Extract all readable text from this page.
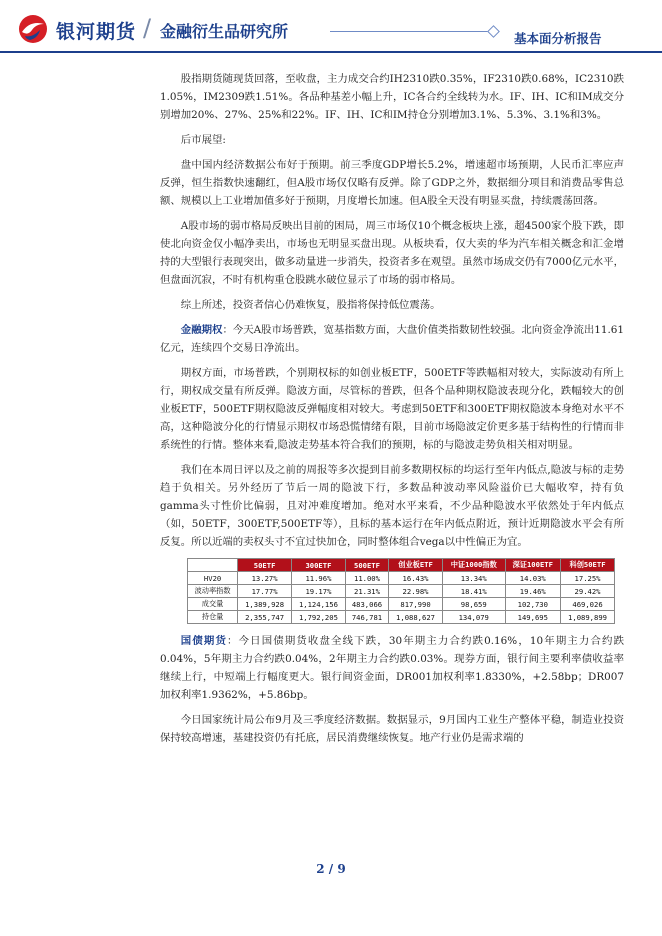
银河期货 / 金融衍生品研究所	基本面分析报告

股指期货随现货回落，至收盘，主力成交合约IH2310跌0.35%，IF2310跌0.68%，IC2310跌1.05%，IM2309跌1.51%。各品种基差小幅上升，IC各合约全线转为水。IF、IH、IC和IM成交分别增加20%、27%、25%和22%。IF、IH、IC和IM持仓分别增加3.1%、5.3%、3.1%和3%。

后市展望:

盘中国内经济数据公布好于预期。前三季度GDP增长5.2%，增速超市场预期，人民币汇率应声反弹，恒生指数快速翻红，但A股市场仅仅略有反弹。除了GDP之外，数据细分项目和消费品零售总额、规模以上工业增加值多好于预期，月度增长加速。但A股全天没有明显买盘，持续震荡回落。

A股市场的弱市格局反映出目前的困局，周三市场仅10个概念板块上涨，超4500家个股下跌，即使北向资金仅小幅净卖出，市场也无明显买盘出现。从板块看，仅大卖的华为汽车相关概念和汇金增持的大型银行表现突出，做多动量进一步消失，投资者多在观望。虽然市场成交仍有7000亿元水平，但盘面沉寂，不时有机构重仓股跳水破位显示了市场的弱市格局。

综上所述，投资者信心仍难恢复，股指将保持低位震荡。

金融期权：今天A股市场普跌，宽基指数方面，大盘价值类指数韧性较强。北向资金净流出11.61亿元，连续四个交易日净流出。

期权方面，市场普跌，个别期权标的如创业板ETF，500ETF等跌幅相对较大，实际波动有所上行，期权成交量有所反弹。隐波方面，尽管标的普跌，但各个品种期权隐波表现分化，跌幅较大的创业板ETF，500ETF期权隐波反弹幅度相对较大。考虑到50ETF和300ETF期权隐波本身绝对水平不高，这种隐波分化的行情显示期权市场恐慌情绪有限，目前市场隐波定价更多基于结构性的行情而非系统性的行情。整体来看,隐波走势基本符合我们的预期，标的与隐波走势负相关相对明显。

我们在本周日评以及之前的周报等多次提到目前多数期权标的均运行至年内低点,隐波与标的走势趋于负相关。另外经历了节后一周的隐波下行，多数品种波动率风险溢价已大幅收窄，持有负gamma头寸性价比偏弱，且对冲难度增加。绝对水平来看，不少品种隐波水平依然处于年内低点（如，50ETF，300ETF,500ETF等），且标的基本运行在年内低点附近，预计近期隐波水平会有所反复。所以近端的卖权头寸不宜过快加仓，同时整体组合vega以中性偏正为宜。

	50ETF	300ETF	500ETF	创业板ETF	中证1000指数	深证100ETF	科创50ETF
HV20	13.27%	11.96%	11.00%	16.43%	13.34%	14.03%	17.25%
波动率指数	17.77%	19.17%	21.31%	22.98%	18.41%	19.46%	29.42%
成交量	1,389,928	1,124,156	483,066	817,990	98,659	102,730	469,026
持仓量	2,355,747	1,792,205	746,781	1,088,627	134,079	149,695	1,089,899

国债期货：今日国债期货收盘全线下跌，30年期主力合约跌0.16%，10年期主力合约跌0.04%，5年期主力合约跌0.04%，2年期主力合约跌0.03%。现券方面，银行间主要利率债收益率继续上行，中短端上行幅度更大。银行间资金面，DR001加权利率1.8330%，+2.58bp；DR007加权利率1.9362%，+5.86bp。

今日国家统计局公布9月及三季度经济数据。数据显示，9月国内工业生产整体平稳，制造业投资保持较高增速，基建投资仍有托底，居民消费继续恢复。地产行业仍是需求端的

2 / 9
